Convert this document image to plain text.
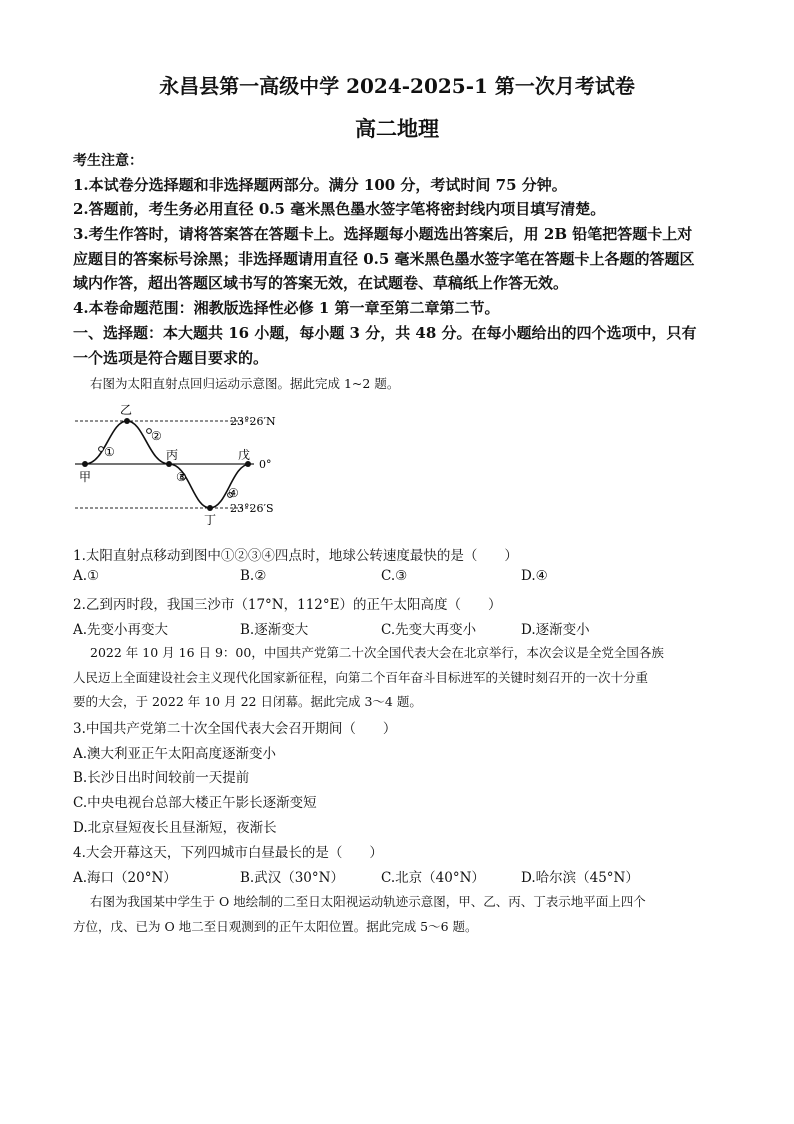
永昌县第一高级中学 2024-2025-1 第一次月考试卷
高二地理
考生注意：
1.本试卷分选择题和非选择题两部分。满分 100 分，考试时间 75 分钟。
2.答题前，考生务必用直径 0.5 毫米黑色墨水签字笔将密封线内项目填写清楚。
3.考生作答时，请将答案答在答题卡上。选择题每小题选出答案后，用 2B 铅笔把答题卡上对
应题目的答案标号涂黑；非选择题请用直径 0.5 毫米黑色墨水签字笔在答题卡上各题的答题区
域内作答，超出答题区域书写的答案无效，在试题卷、草稿纸上作答无效。
4.本卷命题范围：湘教版选择性必修 1 第一章至第二章第二节。
一、选择题：本大题共 16 小题，每小题 3 分，共 48 分。在每小题给出的四个选项中，只有
一个选项是符合题目要求的。
右图为太阳直射点回归运动示意图。据此完成 1~2 题。
23°26′N
0°
23°26′S
甲
乙
丙
丁
戊
①
②
③
④
1.太阳直射点移动到图中①②③④四点时，地球公转速度最快的是（　　）
A.①	B.②	C.③	D.④
2.乙到丙时段，我国三沙市（17°N，112°E）的正午太阳高度（　　）
A.先变小再变大	B.逐渐变大	C.先变大再变小	D.逐渐变小
2022 年 10 月 16 日 9：00，中国共产党第二十次全国代表大会在北京举行，本次会议是全党全国各族
人民迈上全面建设社会主义现代化国家新征程，向第二个百年奋斗目标进军的关键时刻召开的一次十分重
要的大会，于 2022 年 10 月 22 日闭幕。据此完成 3～4 题。
3.中国共产党第二十次全国代表大会召开期间（　　）
A.澳大利亚正午太阳高度逐渐变小
B.长沙日出时间较前一天提前
C.中央电视台总部大楼正午影长逐渐变短
D.北京昼短夜长且昼渐短，夜渐长
4.大会开幕这天，下列四城市白昼最长的是（　　）
A.海口（20°N）	B.武汉（30°N）	C.北京（40°N）	D.哈尔滨（45°N）
右图为我国某中学生于 O 地绘制的二至日太阳视运动轨迹示意图，甲、乙、丙、丁表示地平面上四个
方位，戊、已为 O 地二至日观测到的正午太阳位置。据此完成 5～6 题。
